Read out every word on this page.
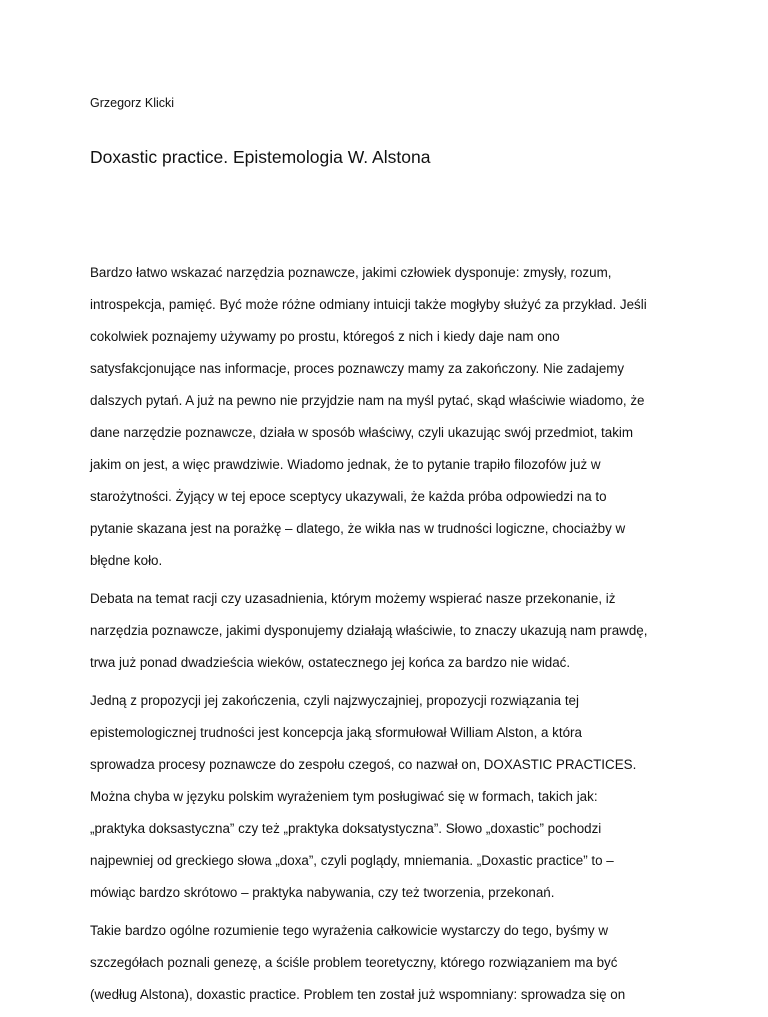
Grzegorz Klicki
Doxastic practice. Epistemologia W. Alstona

Bardzo łatwo wskazać narzędzia poznawcze, jakimi człowiek dysponuje: zmysły, rozum,
introspekcja, pamięć. Być może różne odmiany intuicji także mogłyby służyć za przykład. Jeśli
cokolwiek poznajemy używamy po prostu, któregoś z nich i kiedy daje nam ono
satysfakcjonujące nas informacje, proces poznawczy mamy za zakończony. Nie zadajemy
dalszych pytań. A już na pewno nie przyjdzie nam na myśl pytać, skąd właściwie wiadomo, że
dane narzędzie poznawcze, działa w sposób właściwy, czyli ukazując swój przedmiot, takim
jakim on jest, a więc prawdziwie. Wiadomo jednak, że to pytanie trapiło filozofów już w
starożytności. Żyjący w tej epoce sceptycy ukazywali, że każda próba odpowiedzi na to
pytanie skazana jest na porażkę – dlatego, że wikła nas w trudności logiczne, chociażby w
błędne koło.

Debata na temat racji czy uzasadnienia, którym możemy wspierać nasze przekonanie, iż
narzędzia poznawcze, jakimi dysponujemy działają właściwie, to znaczy ukazują nam prawdę,
trwa już ponad dwadzieścia wieków, ostatecznego jej końca za bardzo nie widać.

Jedną z propozycji jej zakończenia, czyli najzwyczajniej, propozycji rozwiązania tej
epistemologicznej trudności jest koncepcja jaką sformułował William Alston, a która
sprowadza procesy poznawcze do zespołu czegoś, co nazwał on, DOXASTIC PRACTICES.
Można chyba w języku polskim wyrażeniem tym posługiwać się w formach, takich jak:
„praktyka doksastyczna” czy też „praktyka doksatystyczna”. Słowo „doxastic” pochodzi
najpewniej od greckiego słowa „doxa”, czyli poglądy, mniemania. „Doxastic practice” to –
mówiąc bardzo skrótowo – praktyka nabywania, czy też tworzenia, przekonań.

Takie bardzo ogólne rozumienie tego wyrażenia całkowicie wystarczy do tego, byśmy w
szczegółach poznali genezę, a ściśle problem teoretyczny, którego rozwiązaniem ma być
(według Alstona), doxastic practice. Problem ten został już wspomniany: sprowadza się on
